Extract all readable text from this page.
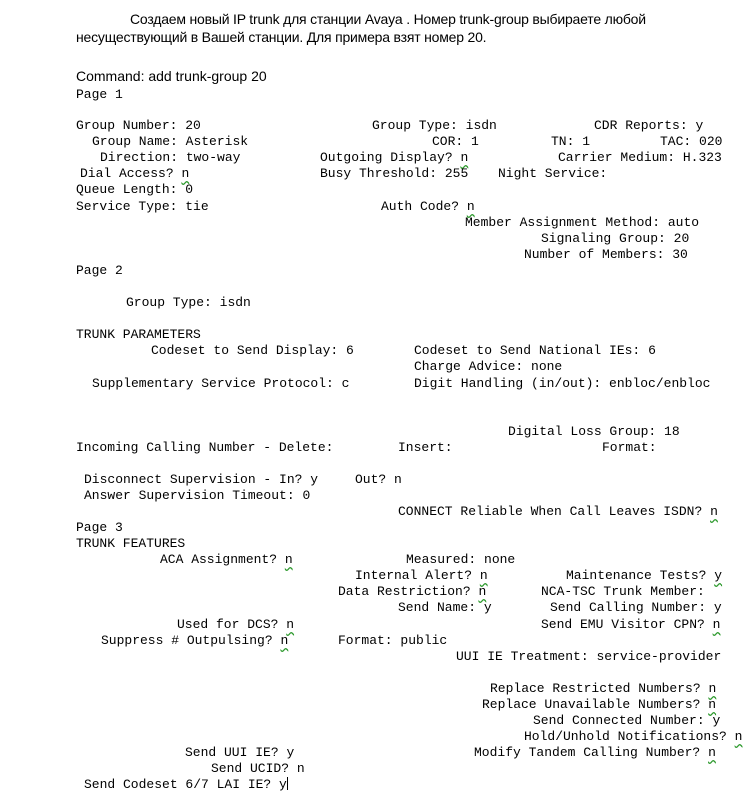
Создаем новый IP trunk для станции Avaya . Номер trunk-group выбираете любой
несуществующий в Вашей станции. Для примера взят номер 20.
Command: add trunk-group 20
Page 1
Group Number: 20	Group Type: isdn	CDR Reports: y
Group Name: Asterisk	COR: 1	TN: 1	TAC: 020
Direction: two-way	Outgoing Display? n	Carrier Medium: H.323
Dial Access? n	Busy Threshold: 255 Night Service:
Queue Length: 0
Service Type: tie	Auth Code? n
Member Assignment Method: auto
Signaling Group: 20
Number of Members: 30
Page 2
Group Type: isdn
TRUNK PARAMETERS
Codeset to Send Display: 6	Codeset to Send National IEs: 6
Charge Advice: none
Supplementary Service Protocol: c	Digit Handling (in/out): enbloc/enbloc
Digital Loss Group: 18
Incoming Calling Number - Delete:	Insert:	Format:
Disconnect Supervision - In? y	Out? n
Answer Supervision Timeout: 0
CONNECT Reliable When Call Leaves ISDN? n
Page 3
TRUNK FEATURES
ACA Assignment? n	Measured: none
Internal Alert? n	Maintenance Tests? y
Data Restriction? n	NCA-TSC Trunk Member:
Send Name: y	Send Calling Number: y
Used for DCS? n	Send EMU Visitor CPN? n
Suppress # Outpulsing? n	Format: public
UUI IE Treatment: service-provider
Replace Restricted Numbers? n
Replace Unavailable Numbers? n
Send Connected Number: y
Hold/Unhold Notifications? n
Send UUI IE? y	Modify Tandem Calling Number? n
Send UCID? n
Send Codeset 6/7 LAI IE? y
